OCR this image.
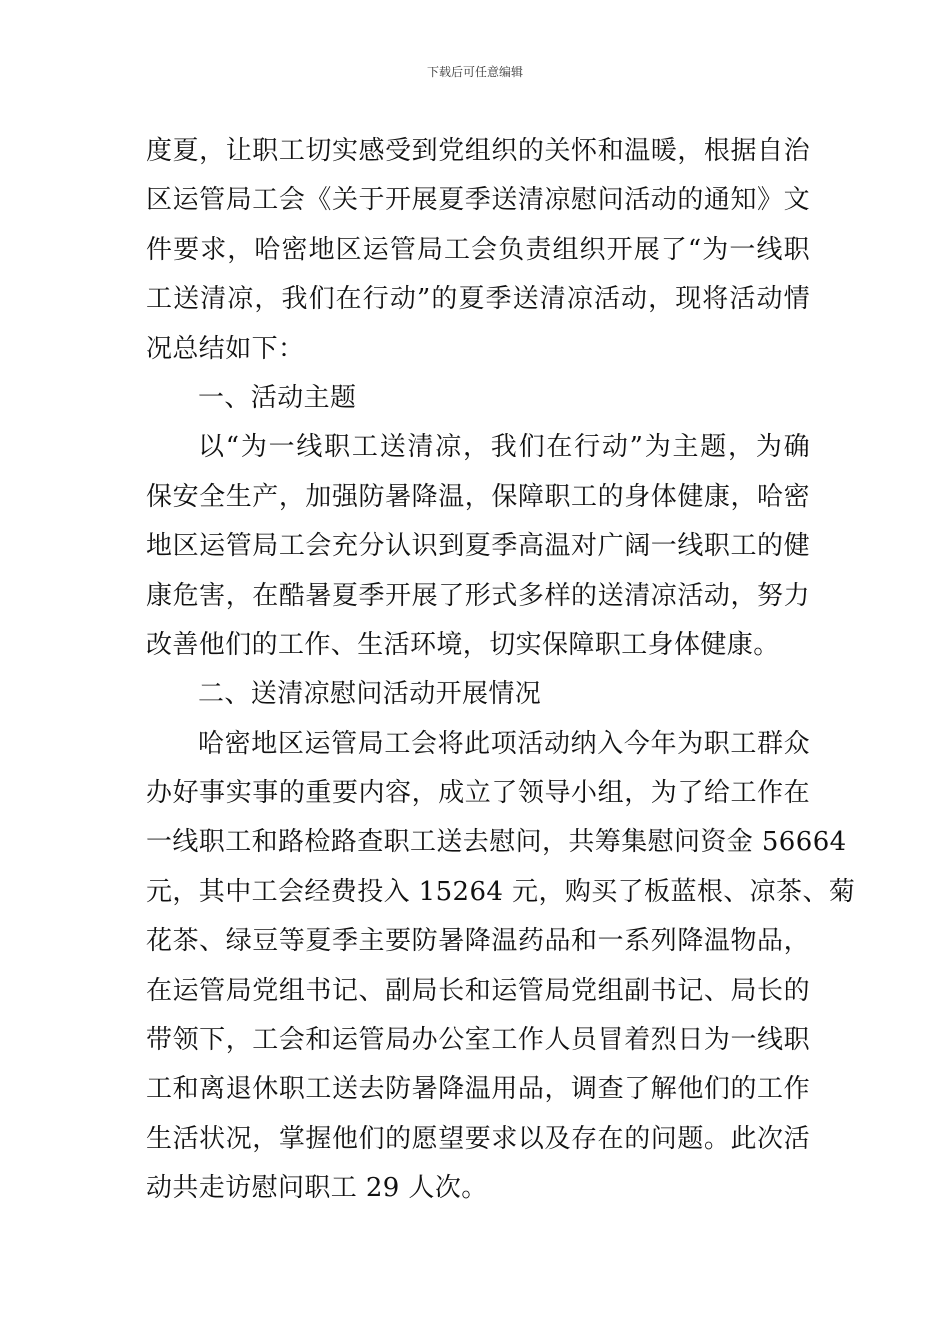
下载后可任意编辑
度夏，让职工切实感受到党组织的关怀和温暖，根据自治
区运管局工会《关于开展夏季送清凉慰问活动的通知》文
件要求，哈密地区运管局工会负责组织开展了“为一线职
工送清凉，我们在行动”的夏季送清凉活动，现将活动情
况总结如下：
一、活动主题
以“为一线职工送清凉，我们在行动”为主题，为确
保安全生产，加强防暑降温，保障职工的身体健康，哈密
地区运管局工会充分认识到夏季高温对广阔一线职工的健
康危害，在酷暑夏季开展了形式多样的送清凉活动，努力
改善他们的工作、生活环境，切实保障职工身体健康。
二、送清凉慰问活动开展情况
哈密地区运管局工会将此项活动纳入今年为职工群众
办好事实事的重要内容，成立了领导小组，为了给工作在
一线职工和路检路查职工送去慰问，共筹集慰问资金 56664
元，其中工会经费投入 15264 元，购买了板蓝根、凉茶、菊
花茶、绿豆等夏季主要防暑降温药品和一系列降温物品，
在运管局党组书记、副局长和运管局党组副书记、局长的
带领下，工会和运管局办公室工作人员冒着烈日为一线职
工和离退休职工送去防暑降温用品，调查了解他们的工作
生活状况，掌握他们的愿望要求以及存在的问题。此次活
动共走访慰问职工 29 人次。
